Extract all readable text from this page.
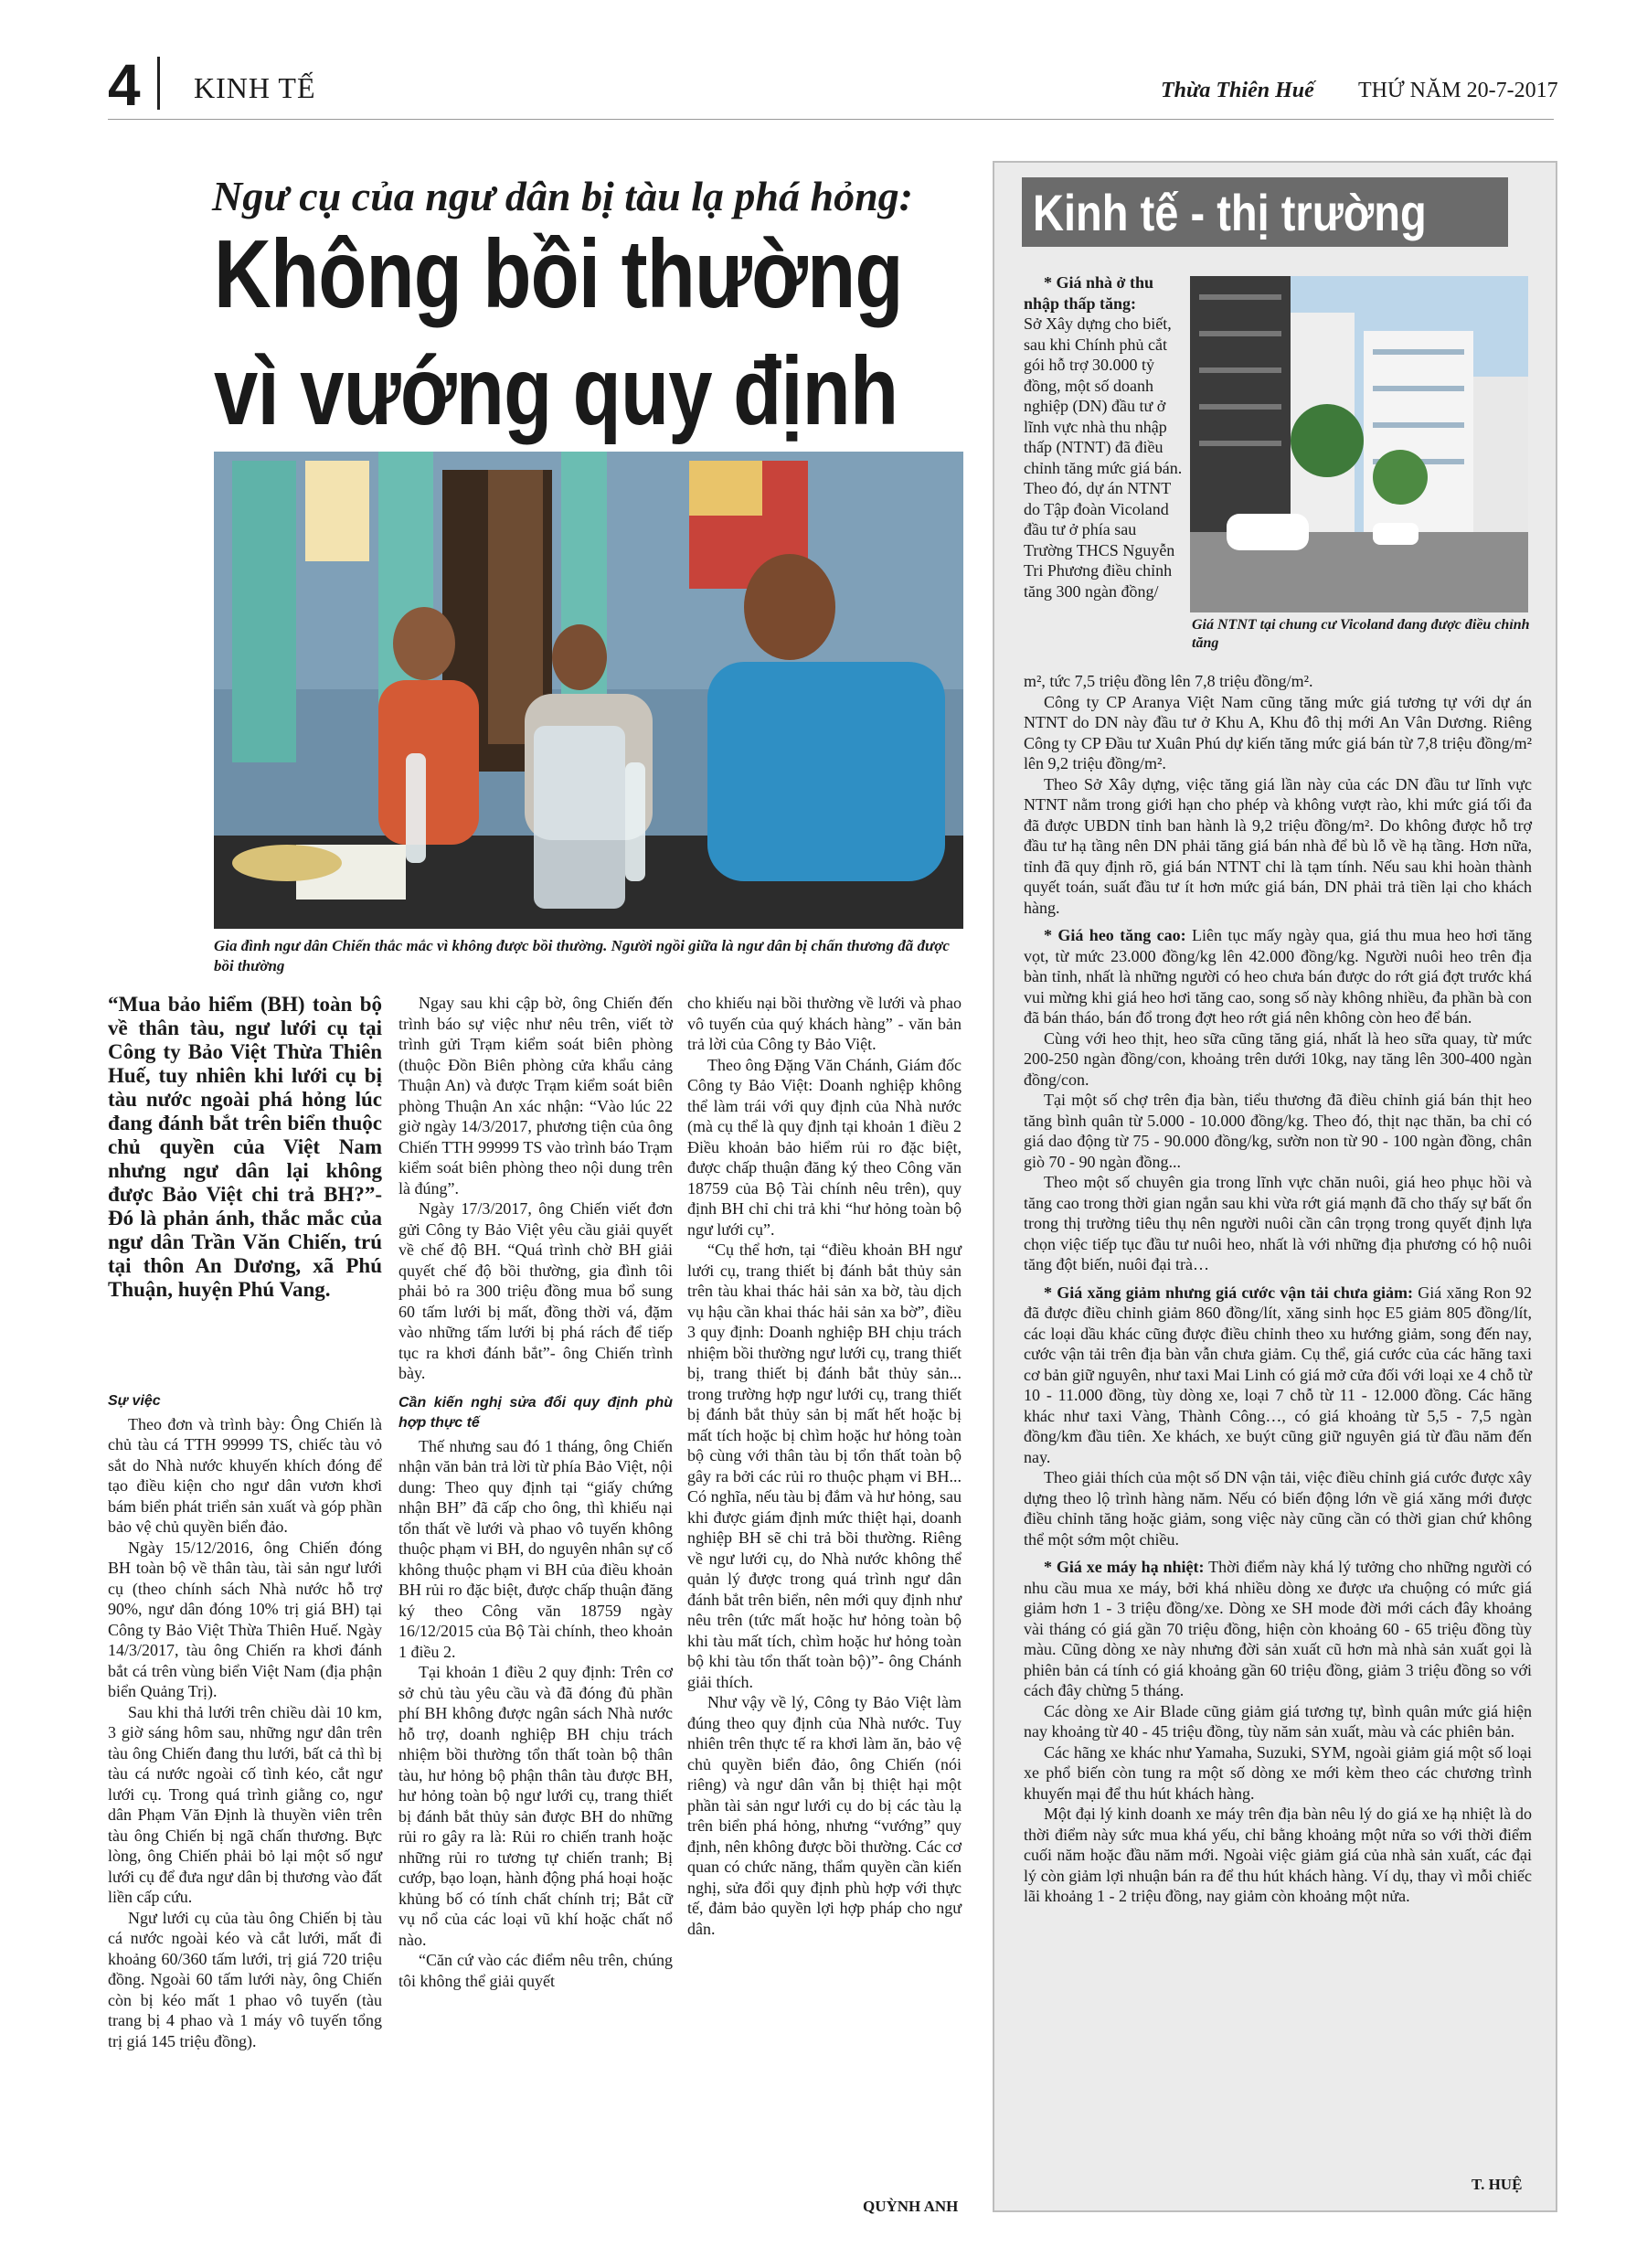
4 KINH TẾ	Thừa Thiên Huế THỨ NĂM 20-7-2017
Ngư cụ của ngư dân bị tàu lạ phá hỏng:
Không bồi thường
vì vướng quy định
Gia đình ngư dân Chiến thắc mắc vì không được bồi thường. Người ngồi giữa là ngư dân bị chấn thương đã được bồi thường
“Mua bảo hiểm (BH) toàn bộ về thân tàu, ngư lưới cụ tại Công ty Bảo Việt Thừa Thiên Huế, tuy nhiên khi lưới cụ bị tàu nước ngoài phá hỏng lúc đang đánh bắt trên biển thuộc chủ quyền của Việt Nam nhưng ngư dân lại không được Bảo Việt chi trả BH?”- Đó là phản ánh, thắc mắc của ngư dân Trần Văn Chiến, trú tại thôn An Dương, xã Phú Thuận, huyện Phú Vang.
Sự việc

Theo đơn và trình bày: Ông Chiến là chủ tàu cá TTH 99999 TS, chiếc tàu vỏ sắt do Nhà nước khuyến khích đóng để tạo điều kiện cho ngư dân vươn khơi bám biển phát triển sản xuất và góp phần bảo vệ chủ quyền biển đảo.

Ngày 15/12/2016, ông Chiến đóng BH toàn bộ về thân tàu, tài sản ngư lưới cụ (theo chính sách Nhà nước hỗ trợ 90%, ngư dân đóng 10% trị giá BH) tại Công ty Bảo Việt Thừa Thiên Huế. Ngày 14/3/2017, tàu ông Chiến ra khơi đánh bắt cá trên vùng biển Việt Nam (địa phận biển Quảng Trị).

Sau khi thả lưới trên chiều dài 10 km, 3 giờ sáng hôm sau, những ngư dân trên tàu ông Chiến đang thu lưới, bất cả thì bị tàu cá nước ngoài cố tình kéo, cắt ngư lưới cụ. Trong quá trình giằng co, ngư dân Phạm Văn Định là thuyền viên trên tàu ông Chiến bị ngã chấn thương. Bực lòng, ông Chiến phải bỏ lại một số ngư lưới cụ để đưa ngư dân bị thương vào đất liền cấp cứu.

Ngư lưới cụ của tàu ông Chiến bị tàu cá nước ngoài kéo và cắt lưới, mất đi khoảng 60/360 tấm lưới, trị giá 720 triệu đồng. Ngoài 60 tấm lưới này, ông Chiến còn bị kéo mất 1 phao vô tuyến (tàu trang bị 4 phao và 1 máy vô tuyến tổng trị giá 145 triệu đồng).

Ngay sau khi cập bờ, ông Chiến đến trình báo sự việc như nêu trên, viết tờ trình gửi Trạm kiểm soát biên phòng (thuộc Đồn Biên phòng cửa khẩu cảng Thuận An) và được Trạm kiểm soát biên phòng Thuận An xác nhận: “Vào lúc 22 giờ ngày 14/3/2017, phương tiện của ông Chiến TTH 99999 TS vào trình báo Trạm kiểm soát biên phòng theo nội dung trên là đúng”.

Ngày 17/3/2017, ông Chiến viết đơn gửi Công ty Bảo Việt yêu cầu giải quyết về chế độ BH. “Quá trình chờ BH giải quyết chế độ bồi thường, gia đình tôi phải bỏ ra 300 triệu đồng mua bổ sung 60 tấm lưới bị mất, đồng thời vá, đặm vào những tấm lưới bị phá rách để tiếp tục ra khơi đánh bắt”- ông Chiến trình bày.

Cần kiến nghị sửa đổi quy định phù hợp thực tế

Thế nhưng sau đó 1 tháng, ông Chiến nhận văn bản trả lời từ phía Bảo Việt, nội dung: Theo quy định tại “giấy chứng nhận BH” đã cấp cho ông, thì khiếu nại tổn thất về lưới và phao vô tuyến không thuộc phạm vi BH, do nguyên nhân sự cố không thuộc phạm vi BH của điều khoản BH rủi ro đặc biệt, được chấp thuận đăng ký theo Công văn 18759 ngày 16/12/2015 của Bộ Tài chính, theo khoản 1 điều 2.

Tại khoản 1 điều 2 quy định: Trên cơ sở chủ tàu yêu cầu và đã đóng đủ phần phí BH không được ngân sách Nhà nước hỗ trợ, doanh nghiệp BH chịu trách nhiệm bồi thường tổn thất toàn bộ thân tàu, hư hỏng bộ phận thân tàu được BH, hư hỏng toàn bộ ngư lưới cụ, trang thiết bị đánh bắt thủy sản được BH do những rủi ro gây ra là: Rủi ro chiến tranh hoặc những rủi ro tương tự chiến tranh; Bị cướp, bạo loạn, hành động phá hoại hoặc khủng bố có tính chất chính trị; Bắt cữ vụ nổ của các loại vũ khí hoặc chất nổ nào.

“Căn cứ vào các điểm nêu trên, chúng tôi không thể giải quyết

cho khiếu nại bồi thường về lưới và phao vô tuyến của quý khách hàng” - văn bản trả lời của Công ty Bảo Việt.

Theo ông Đặng Văn Chánh, Giám đốc Công ty Bảo Việt: Doanh nghiệp không thể làm trái với quy định của Nhà nước (mà cụ thể là quy định tại khoản 1 điều 2 Điều khoản bảo hiểm rủi ro đặc biệt, được chấp thuận đăng ký theo Công văn 18759 của Bộ Tài chính nêu trên), quy định BH chỉ chi trả khi “hư hỏng toàn bộ ngư lưới cụ”.

“Cụ thể hơn, tại “điều khoản BH ngư lưới cụ, trang thiết bị đánh bắt thủy sản trên tàu khai thác hải sản xa bờ, tàu dịch vụ hậu cần khai thác hải sản xa bờ”, điều 3 quy định: Doanh nghiệp BH chịu trách nhiệm bồi thường ngư lưới cụ, trang thiết bị, trang thiết bị đánh bắt thủy sản... trong trường hợp ngư lưới cụ, trang thiết bị đánh bắt thủy sản bị mất hết hoặc bị mất tích hoặc bị chìm hoặc hư hỏng toàn bộ cùng với thân tàu bị tổn thất toàn bộ gây ra bởi các rủi ro thuộc phạm vi BH... Có nghĩa, nếu tàu bị đắm và hư hỏng, sau khi được giám định mức thiệt hại, doanh nghiệp BH sẽ chi trả bồi thường. Riêng về ngư lưới cụ, do Nhà nước không thể quản lý được trong quá trình ngư dân đánh bắt trên biển, nên mới quy định như nêu trên (tức mất hoặc hư hỏng toàn bộ khi tàu mất tích, chìm hoặc hư hỏng toàn bộ khi tàu tổn thất toàn bộ)”- ông Chánh giải thích.

Như vậy về lý, Công ty Bảo Việt làm đúng theo quy định của Nhà nước. Tuy nhiên trên thực tế ra khơi làm ăn, bảo vệ chủ quyền biển đảo, ông Chiến (nói riêng) và ngư dân vẫn bị thiệt hại một phần tài sản ngư lưới cụ do bị các tàu lạ trên biển phá hỏng, nhưng “vướng” quy định, nên không được bồi thường. Các cơ quan có chức năng, thẩm quyền cần kiến nghị, sửa đổi quy định phù hợp với thực tế, đảm bảo quyền lợi hợp pháp cho ngư dân.

QUỲNH ANH
Kinh tế - thị trường

* Giá nhà ở thu nhập thấp tăng:

Sở Xây dựng cho biết, sau khi Chính phủ cắt gói hỗ trợ 30.000 tỷ đồng, một số doanh nghiệp (DN) đầu tư ở lĩnh vực nhà thu nhập thấp (NTNT) đã điều chỉnh tăng mức giá bán. Theo đó, dự án NTNT do Tập đoàn Vicoland đầu tư ở phía sau Trường THCS Nguyễn Tri Phương điều chỉnh tăng 300 ngàn đồng/

Giá NTNT tại chung cư Vicoland đang được điều chỉnh tăng

m², tức 7,5 triệu đồng lên 7,8 triệu đồng/m².

Công ty CP Aranya Việt Nam cũng tăng mức giá tương tự với dự án NTNT do DN này đầu tư ở Khu A, Khu đô thị mới An Vân Dương. Riêng Công ty CP Đầu tư Xuân Phú dự kiến tăng mức giá bán từ 7,8 triệu đồng/m² lên 9,2 triệu đồng/m².

Theo Sở Xây dựng, việc tăng giá lần này của các DN đầu tư lĩnh vực NTNT nằm trong giới hạn cho phép và không vượt rào, khi mức giá tối đa đã được UBDN tỉnh ban hành là 9,2 triệu đồng/m². Do không được hỗ trợ đầu tư hạ tầng nên DN phải tăng giá bán nhà để bù lỗ về hạ tầng. Hơn nữa, tỉnh đã quy định rõ, giá bán NTNT chỉ là tạm tính. Nếu sau khi hoàn thành quyết toán, suất đầu tư ít hơn mức giá bán, DN phải trả tiền lại cho khách hàng.

* Giá heo tăng cao: Liên tục mấy ngày qua, giá thu mua heo hơi tăng vọt, từ mức 23.000 đồng/kg lên 42.000 đồng/kg. Người nuôi heo trên địa bàn tỉnh, nhất là những người có heo chưa bán được do rớt giá đợt trước khá vui mừng khi giá heo hơi tăng cao, song số này không nhiều, đa phần bà con đã bán tháo, bán đổ trong đợt heo rớt giá nên không còn heo để bán.

Cùng với heo thịt, heo sữa cũng tăng giá, nhất là heo sữa quay, từ mức 200-250 ngàn đồng/con, khoảng trên dưới 10kg, nay tăng lên 300-400 ngàn đồng/con.

Tại một số chợ trên địa bàn, tiểu thương đã điều chỉnh giá bán thịt heo tăng bình quân từ 5.000 - 10.000 đồng/kg. Theo đó, thịt nạc thăn, ba chỉ có giá dao động từ 75 - 90.000 đồng/kg, sườn non từ 90 - 100 ngàn đồng, chân giò 70 - 90 ngàn đồng...

Theo một số chuyên gia trong lĩnh vực chăn nuôi, giá heo phục hồi và tăng cao trong thời gian ngắn sau khi vừa rớt giá mạnh đã cho thấy sự bất ổn trong thị trường tiêu thụ nên người nuôi cần cân trọng trong quyết định lựa chọn việc tiếp tục đầu tư nuôi heo, nhất là với những địa phương có hộ nuôi tăng đột biến, nuôi đại trà…

* Giá xăng giảm nhưng giá cước vận tải chưa giảm: Giá xăng Ron 92 đã được điều chỉnh giảm 860 đồng/lít, xăng sinh học E5 giảm 805 đồng/lít, các loại dầu khác cũng được điều chỉnh theo xu hướng giảm, song đến nay, cước vận tải trên địa bàn vẫn chưa giảm. Cụ thể, giá cước của các hãng taxi cơ bản giữ nguyên, như taxi Mai Linh có giá mở cửa đối với loại xe 4 chỗ từ 10 - 11.000 đồng, tùy dòng xe, loại 7 chỗ từ 11 - 12.000 đồng. Các hãng khác như taxi Vàng, Thành Công…, có giá khoảng từ 5,5 - 7,5 ngàn đồng/km đầu tiên. Xe khách, xe buýt cũng giữ nguyên giá từ đầu năm đến nay.

Theo giải thích của một số DN vận tải, việc điều chỉnh giá cước được xây dựng theo lộ trình hàng năm. Nếu có biến động lớn về giá xăng mới được điều chỉnh tăng hoặc giảm, song việc này cũng cần có thời gian chứ không thể một sớm một chiều.

* Giá xe máy hạ nhiệt: Thời điểm này khá lý tưởng cho những người có nhu cầu mua xe máy, bởi khá nhiều dòng xe được ưa chuộng có mức giá giảm hơn 1 - 3 triệu đồng/xe. Dòng xe SH mode đời mới cách đây khoảng vài tháng có giá gần 70 triệu đồng, hiện còn khoảng 60 - 65 triệu đồng tùy màu. Cũng dòng xe này nhưng đời sản xuất cũ hơn mà nhà sản xuất gọi là phiên bản cá tính có giá khoảng gần 60 triệu đồng, giảm 3 triệu đồng so với cách đây chừng 5 tháng.

Các dòng xe Air Blade cũng giảm giá tương tự, bình quân mức giá hiện nay khoảng từ 40 - 45 triệu đồng, tùy năm sản xuất, màu và các phiên bản.

Các hãng xe khác như Yamaha, Suzuki, SYM, ngoài giảm giá một số loại xe phổ biến còn tung ra một số dòng xe mới kèm theo các chương trình khuyến mại để thu hút khách hàng.

Một đại lý kinh doanh xe máy trên địa bàn nêu lý do giá xe hạ nhiệt là do thời điểm này sức mua khá yếu, chỉ bằng khoảng một nửa so với thời điểm cuối năm hoặc đầu năm mới. Ngoài việc giảm giá của nhà sản xuất, các đại lý còn giảm lợi nhuận bán ra để thu hút khách hàng. Ví dụ, thay vì mỗi chiếc lãi khoảng 1 - 2 triệu đồng, nay giảm còn khoảng một nửa.

T. HUỆ
